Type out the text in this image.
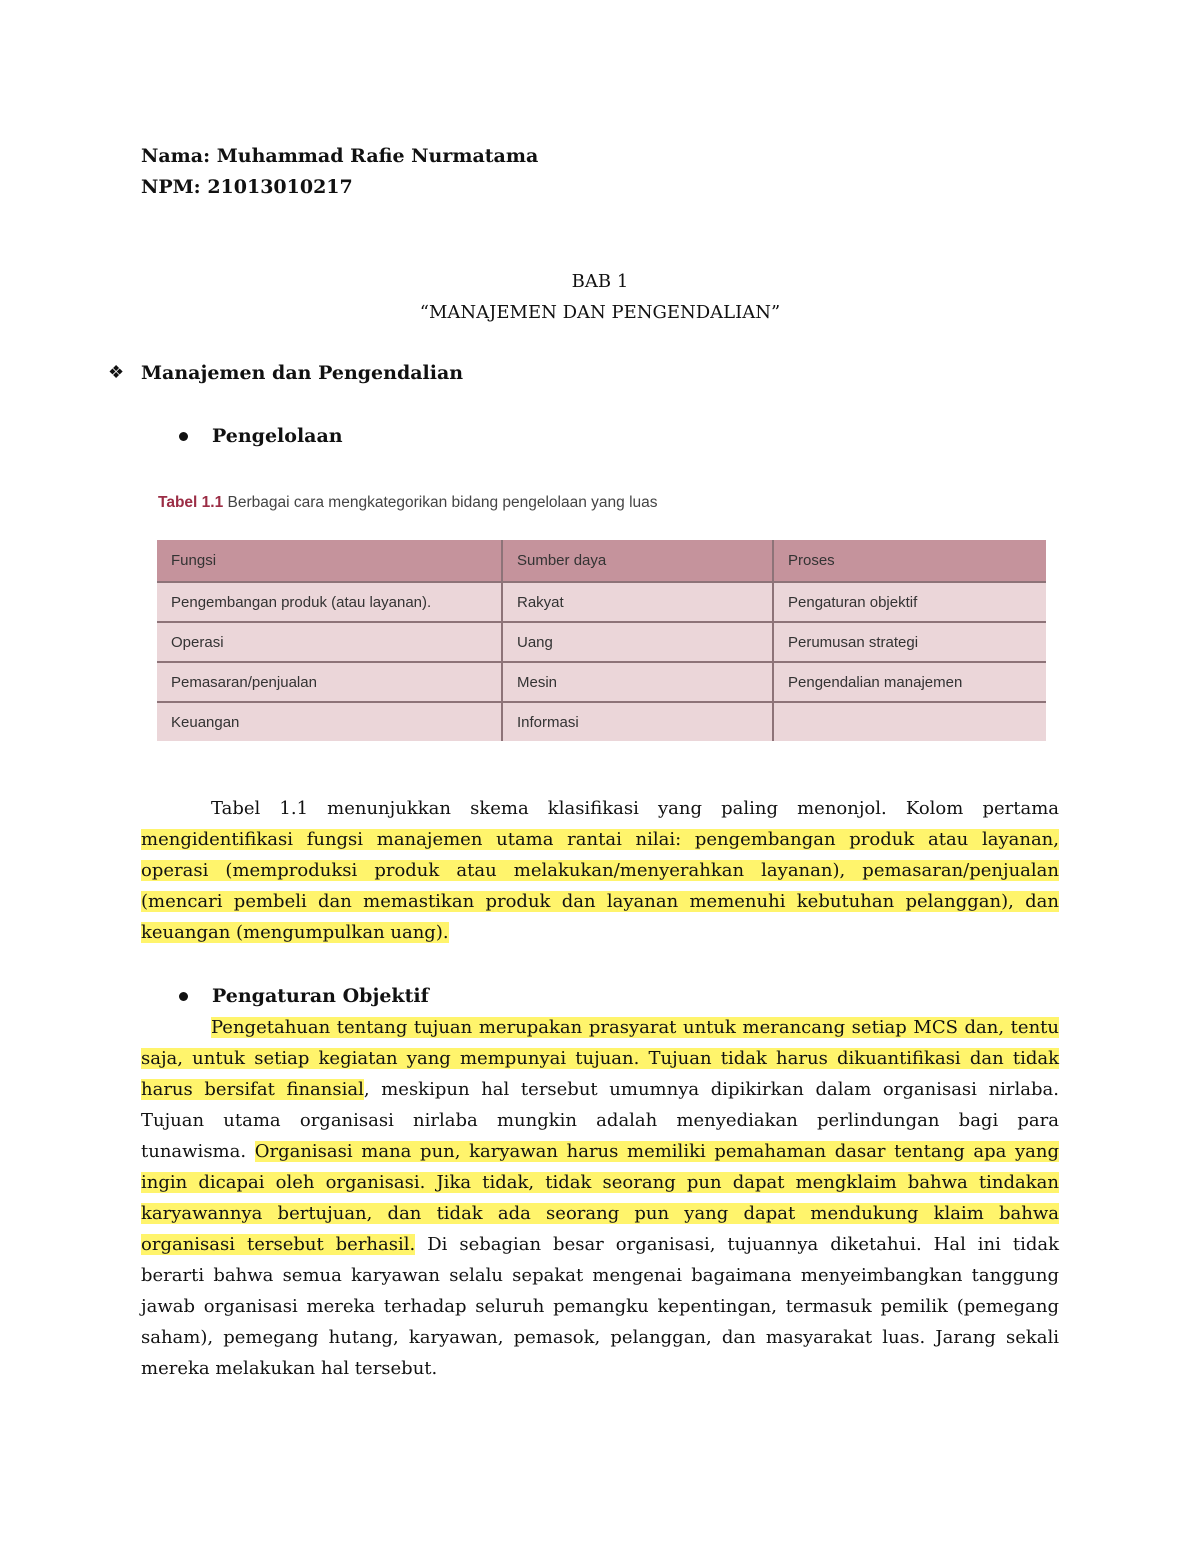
Nama: Muhammad Rafie Nurmatama
NPM: 21013010217
BAB 1
“MANAJEMEN DAN PENGENDALIAN”
❖ Manajemen dan Pengendalian
Pengelolaan
Tabel 1.1 Berbagai cara mengkategorikan bidang pengelolaan yang luas
Fungsi	Sumber daya	Proses
Pengembangan produk (atau layanan).	Rakyat	Pengaturan objektif
Operasi	Uang	Perumusan strategi
Pemasaran/penjualan	Mesin	Pengendalian manajemen
Keuangan	Informasi	
Tabel 1.1 menunjukkan skema klasifikasi yang paling menonjol. Kolom pertama
mengidentifikasi fungsi manajemen utama rantai nilai: pengembangan produk atau layanan,
operasi (memproduksi produk atau melakukan/menyerahkan layanan), pemasaran/penjualan
(mencari pembeli dan memastikan produk dan layanan memenuhi kebutuhan pelanggan), dan
keuangan (mengumpulkan uang).
Pengaturan Objektif
Pengetahuan tentang tujuan merupakan prasyarat untuk merancang setiap MCS dan, tentu
saja, untuk setiap kegiatan yang mempunyai tujuan. Tujuan tidak harus dikuantifikasi dan tidak
harus bersifat finansial, meskipun hal tersebut umumnya dipikirkan dalam organisasi nirlaba.
Tujuan utama organisasi nirlaba mungkin adalah menyediakan perlindungan bagi para
tunawisma. Organisasi mana pun, karyawan harus memiliki pemahaman dasar tentang apa yang
ingin dicapai oleh organisasi. Jika tidak, tidak seorang pun dapat mengklaim bahwa tindakan
karyawannya bertujuan, dan tidak ada seorang pun yang dapat mendukung klaim bahwa
organisasi tersebut berhasil. Di sebagian besar organisasi, tujuannya diketahui. Hal ini tidak
berarti bahwa semua karyawan selalu sepakat mengenai bagaimana menyeimbangkan tanggung
jawab organisasi mereka terhadap seluruh pemangku kepentingan, termasuk pemilik (pemegang
saham), pemegang hutang, karyawan, pemasok, pelanggan, dan masyarakat luas. Jarang sekali
mereka melakukan hal tersebut.
